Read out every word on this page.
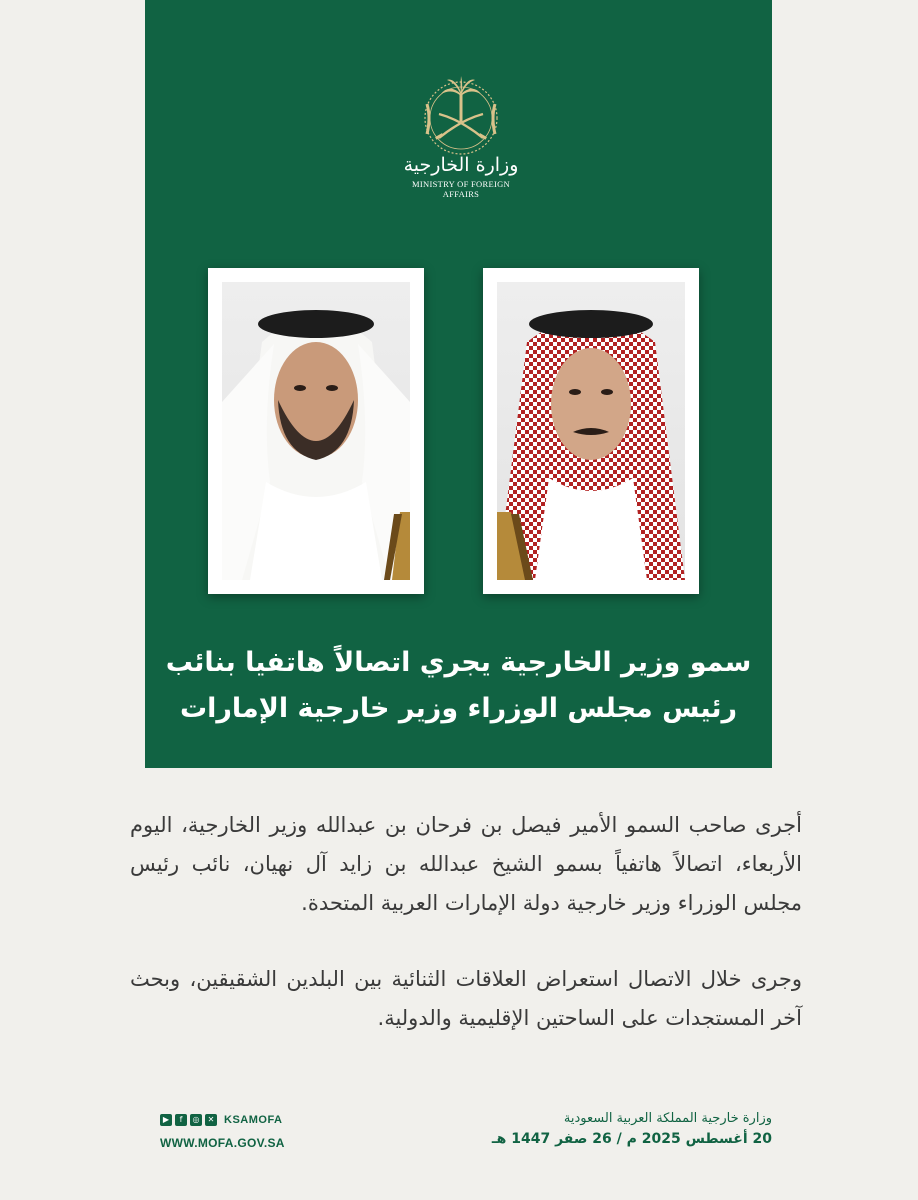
وزارة الخارجية
MINISTRY OF FOREIGN AFFAIRS
سمو وزير الخارجية يجري اتصالاً هاتفيا بنائب
رئيس مجلس الوزراء وزير خارجية الإمارات
أجرى صاحب السمو الأمير فيصل بن فرحان بن عبدالله وزير الخارجية، اليوم الأربعاء، اتصالاً هاتفياً بسمو الشيخ عبدالله بن زايد آل نهيان، نائب رئيس مجلس الوزراء وزير خارجية دولة الإمارات العربية المتحدة.
وجرى خلال الاتصال استعراض العلاقات الثنائية بين البلدين الشقيقين، وبحث آخر المستجدات على الساحتين الإقليمية والدولية.
▶	f	◎	✕ KSAMOFA
WWW.MOFA.GOV.SA
وزارة خارجية المملكة العربية السعودية
20 أغسطس 2025 م / 26 صفر 1447 هـ
